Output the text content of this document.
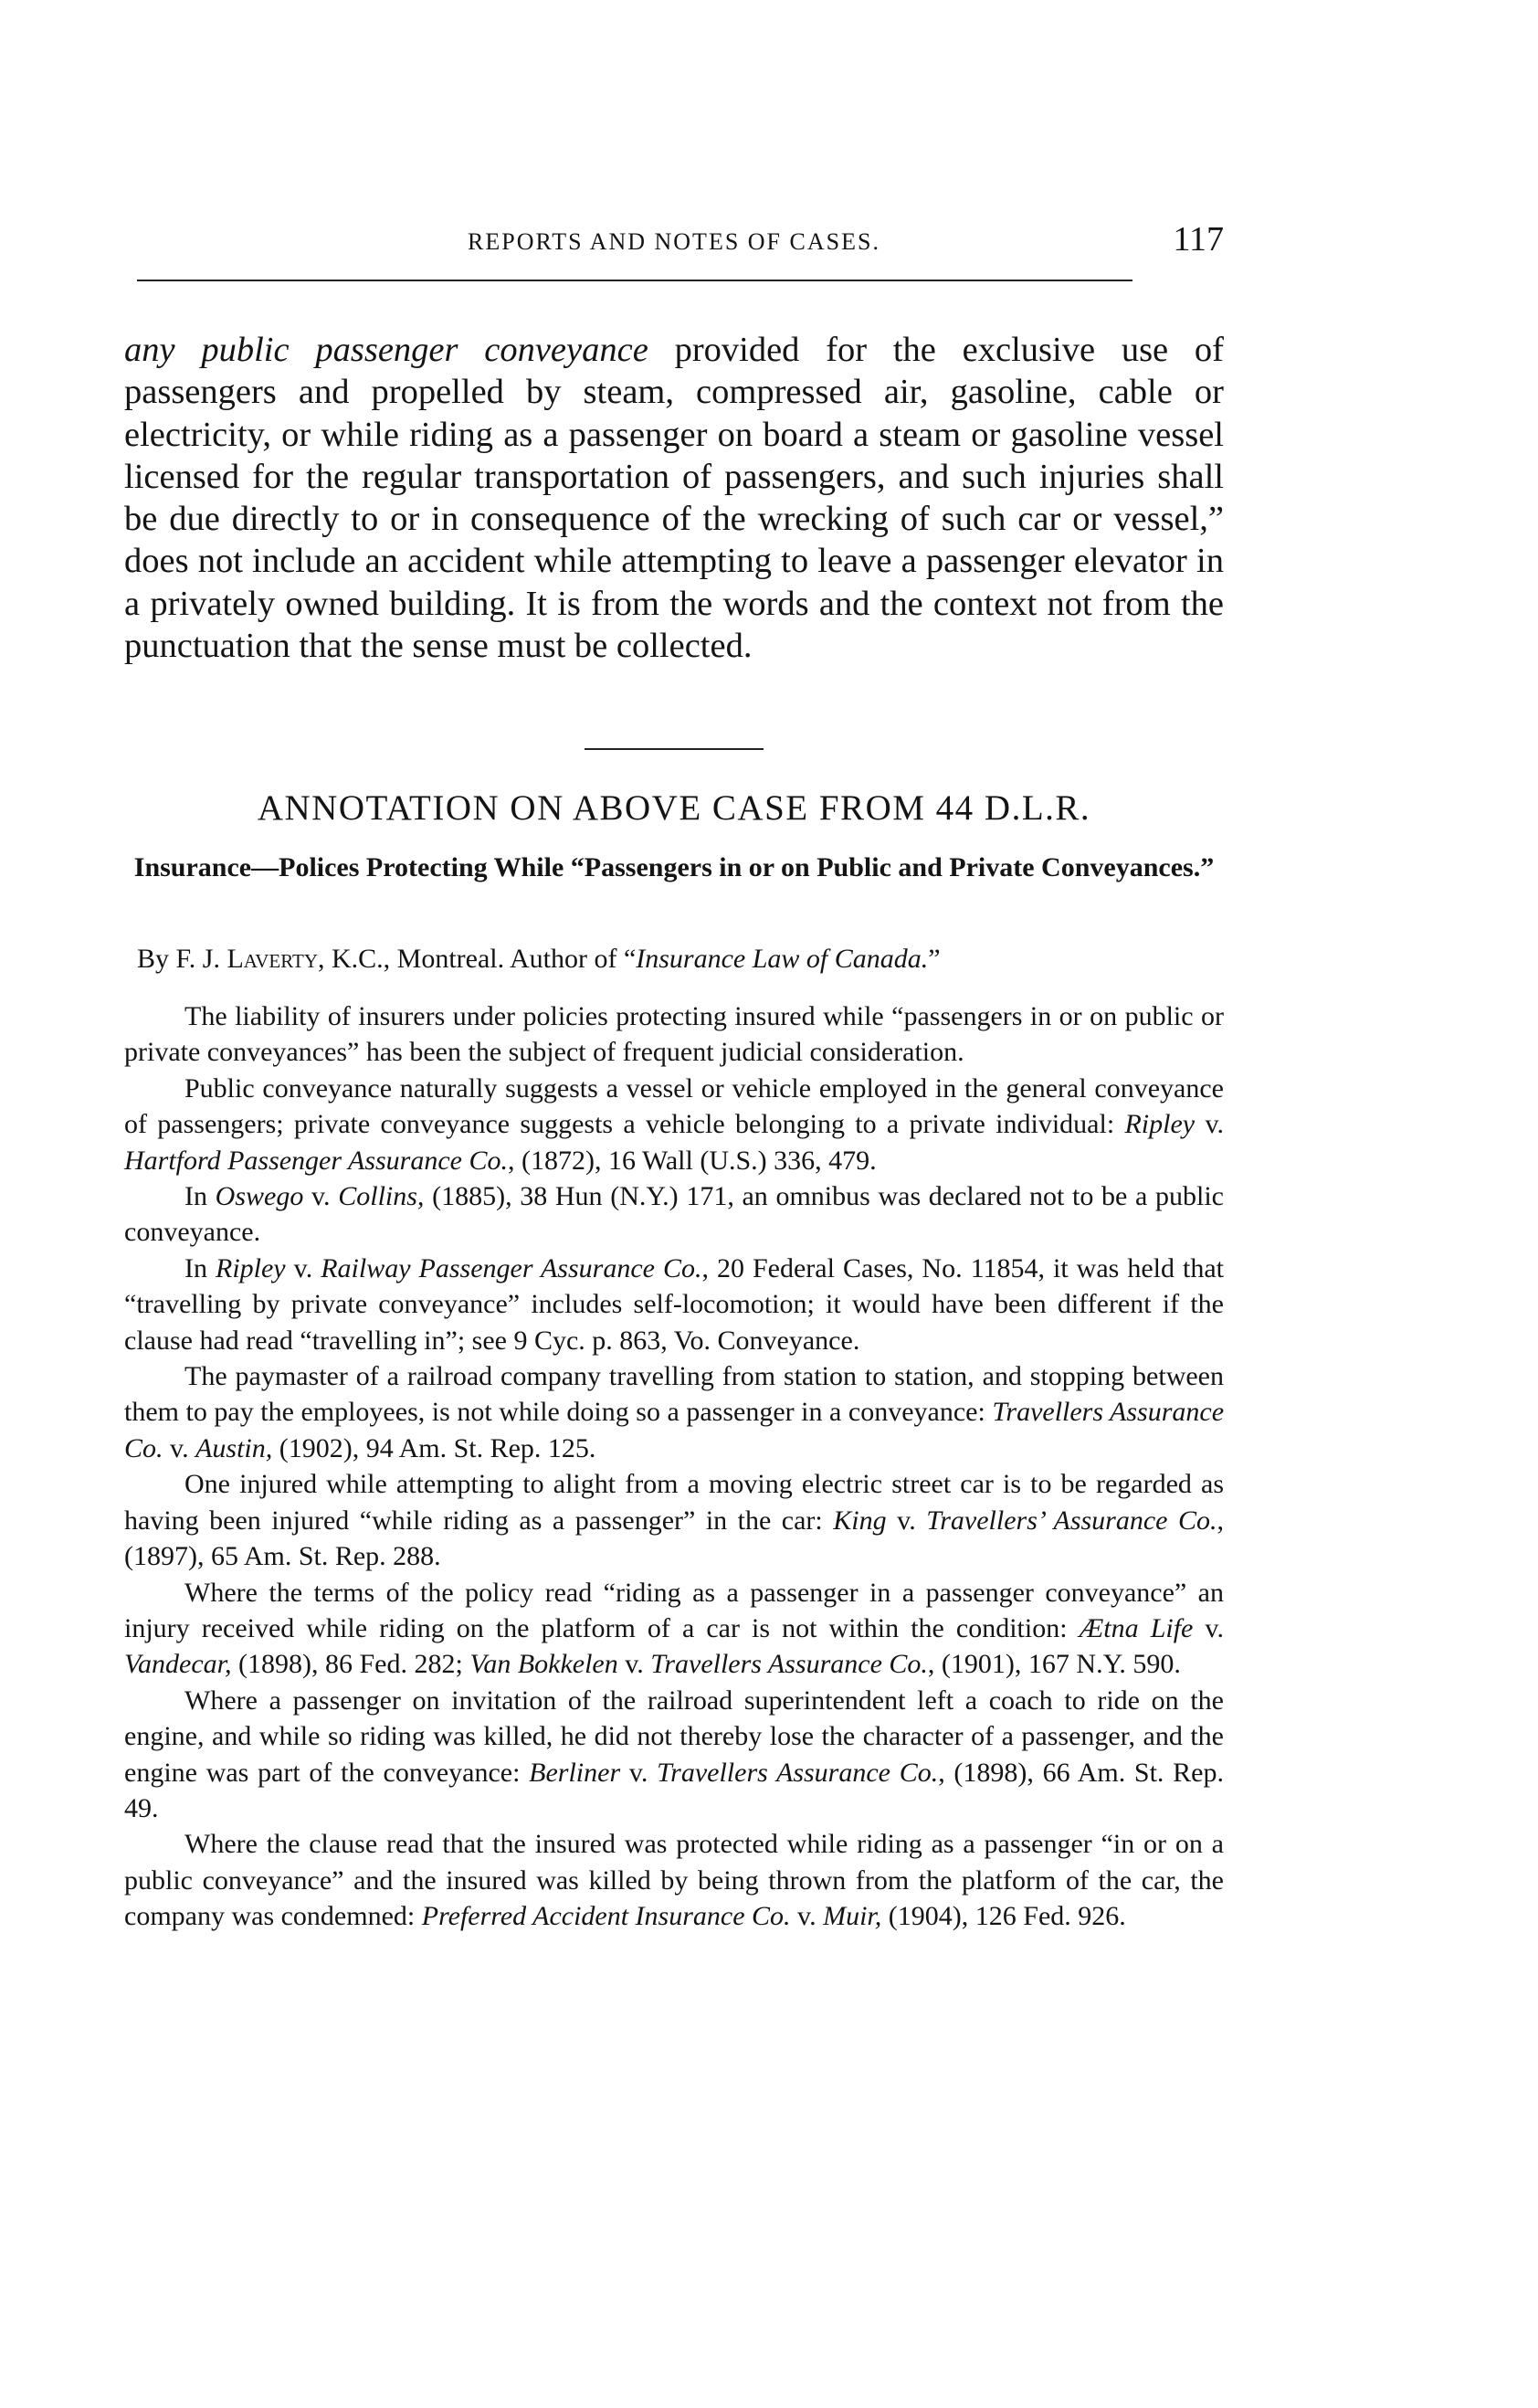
REPORTS AND NOTES OF CASES.	117

any public passenger conveyance provided for the exclusive use of passengers and propelled by steam, compressed air, gasoline, cable or electricity, or while riding as a passenger on board a steam or gasoline vessel licensed for the regular transportation of passengers, and such injuries shall be due directly to or in consequence of the wrecking of such car or vessel,” does not include an accident while attempting to leave a passenger elevator in a privately owned building. It is from the words and the context not from the punctuation that the sense must be collected.

ANNOTATION ON ABOVE CASE FROM 44 D.L.R.

Insurance—Polices Protecting While “Passengers in or on Public and Private Conveyances.”

By F. J. Laverty, K.C., Montreal. Author of “Insurance Law of Canada.”

The liability of insurers under policies protecting insured while “passengers in or on public or private conveyances” has been the subject of frequent judicial consideration.

Public conveyance naturally suggests a vessel or vehicle employed in the general conveyance of passengers; private conveyance suggests a vehicle belonging to a private individual: Ripley v. Hartford Passenger Assurance Co., (1872), 16 Wall (U.S.) 336, 479.

In Oswego v. Collins, (1885), 38 Hun (N.Y.) 171, an omnibus was declared not to be a public conveyance.

In Ripley v. Railway Passenger Assurance Co., 20 Federal Cases, No. 11854, it was held that “travelling by private conveyance” includes self-locomotion; it would have been different if the clause had read “travelling in”; see 9 Cyc. p. 863, Vo. Conveyance.

The paymaster of a railroad company travelling from station to station, and stopping between them to pay the employees, is not while doing so a passenger in a conveyance: Travellers Assurance Co. v. Austin, (1902), 94 Am. St. Rep. 125.

One injured while attempting to alight from a moving electric street car is to be regarded as having been injured “while riding as a passenger” in the car: King v. Travellers’ Assurance Co., (1897), 65 Am. St. Rep. 288.

Where the terms of the policy read “riding as a passenger in a passenger conveyance” an injury received while riding on the platform of a car is not within the condition: Ætna Life v. Vandecar, (1898), 86 Fed. 282; Van Bokkelen v. Travellers Assurance Co., (1901), 167 N.Y. 590.

Where a passenger on invitation of the railroad superintendent left a coach to ride on the engine, and while so riding was killed, he did not thereby lose the character of a passenger, and the engine was part of the conveyance: Berliner v. Travellers Assurance Co., (1898), 66 Am. St. Rep. 49.

Where the clause read that the insured was protected while riding as a passenger “in or on a public conveyance” and the insured was killed by being thrown from the platform of the car, the company was condemned: Preferred Accident Insurance Co. v. Muir, (1904), 126 Fed. 926.
